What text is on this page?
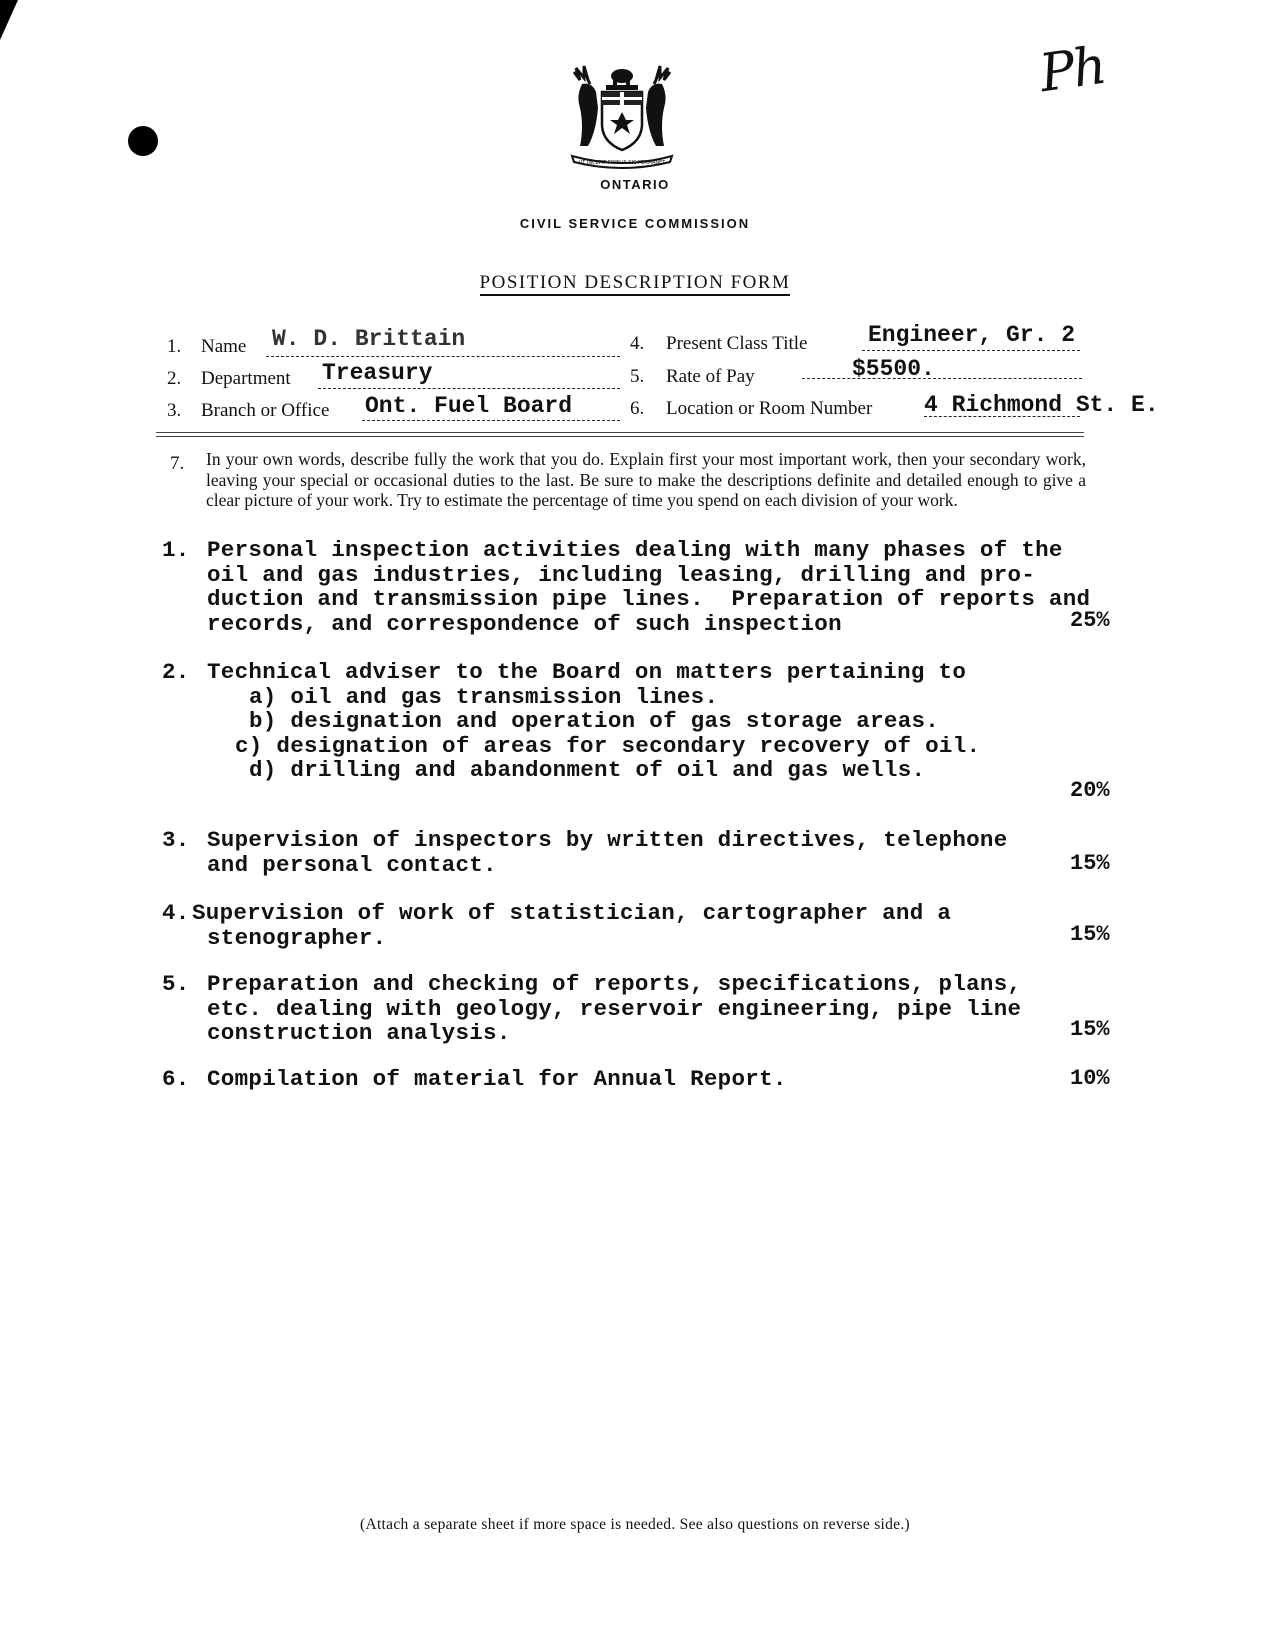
Ph
UT INCEPIT FIDELIS SIC PERMANET
ONTARIO
CIVIL SERVICE COMMISSION
POSITION DESCRIPTION FORM
1. Name W. D. Brittain
2. Department Treasury
3. Branch or Office Ont. Fuel Board
4. Present Class Title	Engineer, Gr. 2
5. Rate of Pay	$5500.
6. Location or Room Number 4 Richmond St. E.
7. In your own words, describe fully the work that you do. Explain first your most important work, then your secondary work, leaving your special or occasional duties to the last. Be sure to make the descriptions definite and detailed enough to give a clear picture of your work. Try to estimate the percentage of time you spend on each division of your work.
1. Personal inspection activities dealing with many phases of the
oil and gas industries, including leasing, drilling and pro-
duction and transmission pipe lines.  Preparation of reports and
records, and correspondence of such inspection	25%
2. Technical adviser to the Board on matters pertaining to
a) oil and gas transmission lines.
b) designation and operation of gas storage areas.
c) designation of areas for secondary recovery of oil.
d) drilling and abandonment of oil and gas wells.
20%
3. Supervision of inspectors by written directives, telephone
and personal contact.	15%
4. Supervision of work of statistician, cartographer and a
stenographer.	15%
5. Preparation and checking of reports, specifications, plans,
etc. dealing with geology, reservoir engineering, pipe line
construction analysis.	15%
6. Compilation of material for Annual Report.	10%
(Attach a separate sheet if more space is needed. See also questions on reverse side.)
